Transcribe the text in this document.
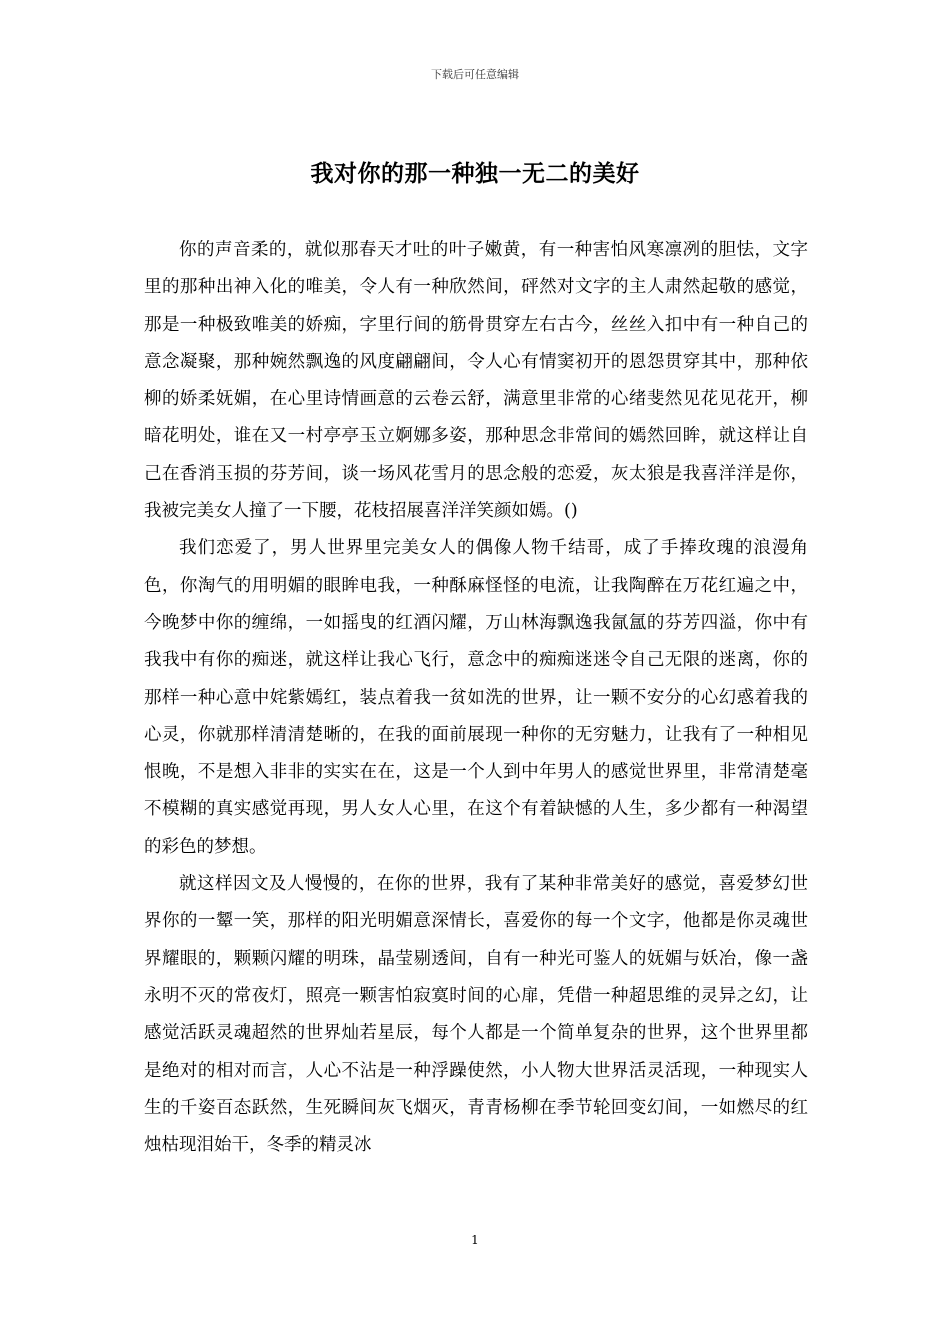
下载后可任意编辑
我对你的那一种独一无二的美好

你的声音柔的，就似那春天才吐的叶子嫩黄，有一种害怕风寒凛冽的胆怯，文字里的那种出神入化的唯美，令人有一种欣然间，砰然对文字的主人肃然起敬的感觉，那是一种极致唯美的娇痴，字里行间的筋骨贯穿左右古今，丝丝入扣中有一种自己的意念凝聚，那种婉然飘逸的风度翩翩间，令人心有情窦初开的恩怨贯穿其中，那种依柳的娇柔妩媚，在心里诗情画意的云卷云舒，满意里非常的心绪斐然见花见花开，柳暗花明处，谁在又一村亭亭玉立婀娜多姿，那种思念非常间的嫣然回眸，就这样让自己在香消玉损的芬芳间，谈一场风花雪月的思念般的恋爱，灰太狼是我喜洋洋是你，我被完美女人撞了一下腰，花枝招展喜洋洋笑颜如嫣。()

我们恋爱了，男人世界里完美女人的偶像人物千结哥，成了手捧玫瑰的浪漫角色，你淘气的用明媚的眼眸电我，一种酥麻怪怪的电流，让我陶醉在万花红遍之中，今晚梦中你的缠绵，一如摇曳的红酒闪耀，万山林海飘逸我氤氲的芬芳四溢，你中有我我中有你的痴迷，就这样让我心飞行，意念中的痴痴迷迷令自己无限的迷离，你的那样一种心意中姹紫嫣红，装点着我一贫如洗的世界，让一颗不安分的心幻惑着我的心灵，你就那样清清楚晰的，在我的面前展现一种你的无穷魅力，让我有了一种相见恨晚，不是想入非非的实实在在，这是一个人到中年男人的感觉世界里，非常清楚毫不模糊的真实感觉再现，男人女人心里，在这个有着缺憾的人生，多少都有一种渴望的彩色的梦想。

就这样因文及人慢慢的，在你的世界，我有了某种非常美好的感觉，喜爱梦幻世界你的一颦一笑，那样的阳光明媚意深情长，喜爱你的每一个文字，他都是你灵魂世界耀眼的，颗颗闪耀的明珠，晶莹剔透间，自有一种光可鉴人的妩媚与妖冶，像一盏永明不灭的常夜灯，照亮一颗害怕寂寞时间的心扉，凭借一种超思维的灵异之幻，让感觉活跃灵魂超然的世界灿若星辰，每个人都是一个简单复杂的世界，这个世界里都是绝对的相对而言，人心不沾是一种浮躁使然，小人物大世界活灵活现，一种现实人生的千姿百态跃然，生死瞬间灰飞烟灭，青青杨柳在季节轮回变幻间，一如燃尽的红烛枯现泪始干，冬季的精灵冰

1
